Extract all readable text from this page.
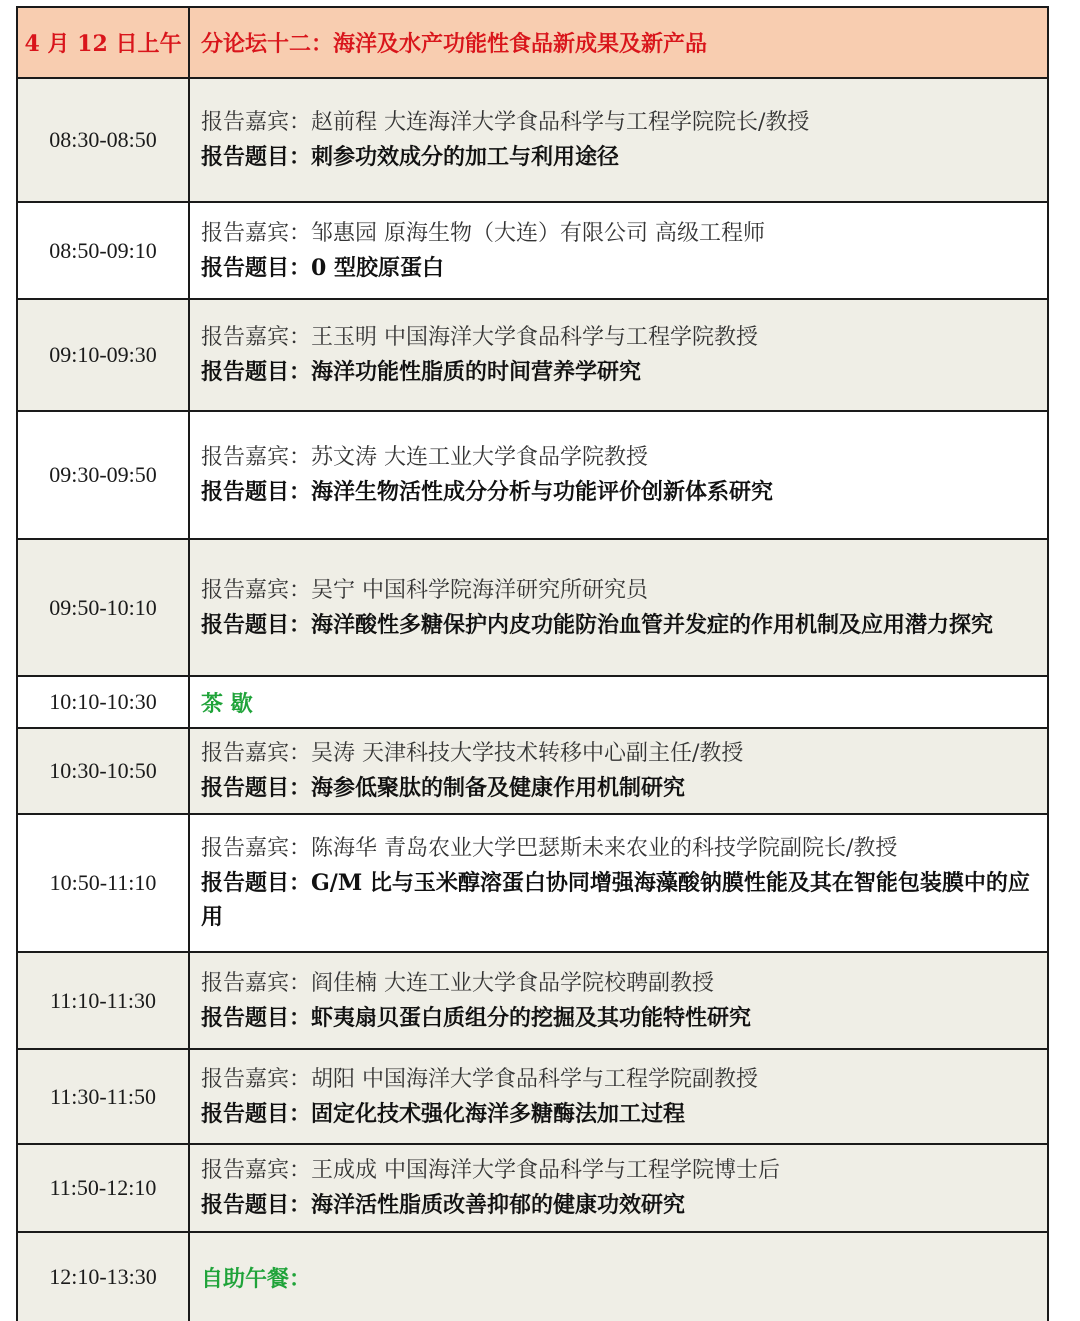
4 月 12 日上午 分论坛十二：海洋及水产功能性食品新成果及新产品
08:30-08:50
报告嘉宾：赵前程 大连海洋大学食品科学与工程学院院长/教授
报告题目：刺参功效成分的加工与利用途径
08:50-09:10
报告嘉宾：邹惠园 原海生物（大连）有限公司 高级工程师
报告题目：0 型胶原蛋白
09:10-09:30
报告嘉宾：王玉明 中国海洋大学食品科学与工程学院教授
报告题目：海洋功能性脂质的时间营养学研究
09:30-09:50
报告嘉宾：苏文涛 大连工业大学食品学院教授
报告题目：海洋生物活性成分分析与功能评价创新体系研究
09:50-10:10
报告嘉宾：吴宁 中国科学院海洋研究所研究员
报告题目：海洋酸性多糖保护内皮功能防治血管并发症的作用机制及应用潜力探究
10:10-10:30	茶 歇
10:30-10:50
报告嘉宾：吴涛 天津科技大学技术转移中心副主任/教授
报告题目：海参低聚肽的制备及健康作用机制研究
10:50-11:10
报告嘉宾：陈海华 青岛农业大学巴瑟斯未来农业的科技学院副院长/教授
报告题目：G/M 比与玉米醇溶蛋白协同增强海藻酸钠膜性能及其在智能包装膜中的应用
11:10-11:30
报告嘉宾：阎佳楠 大连工业大学食品学院校聘副教授
报告题目：虾夷扇贝蛋白质组分的挖掘及其功能特性研究
11:30-11:50
报告嘉宾：胡阳 中国海洋大学食品科学与工程学院副教授
报告题目：固定化技术强化海洋多糖酶法加工过程
11:50-12:10
报告嘉宾：王成成 中国海洋大学食品科学与工程学院博士后
报告题目：海洋活性脂质改善抑郁的健康功效研究
12:10-13:30	自助午餐：
